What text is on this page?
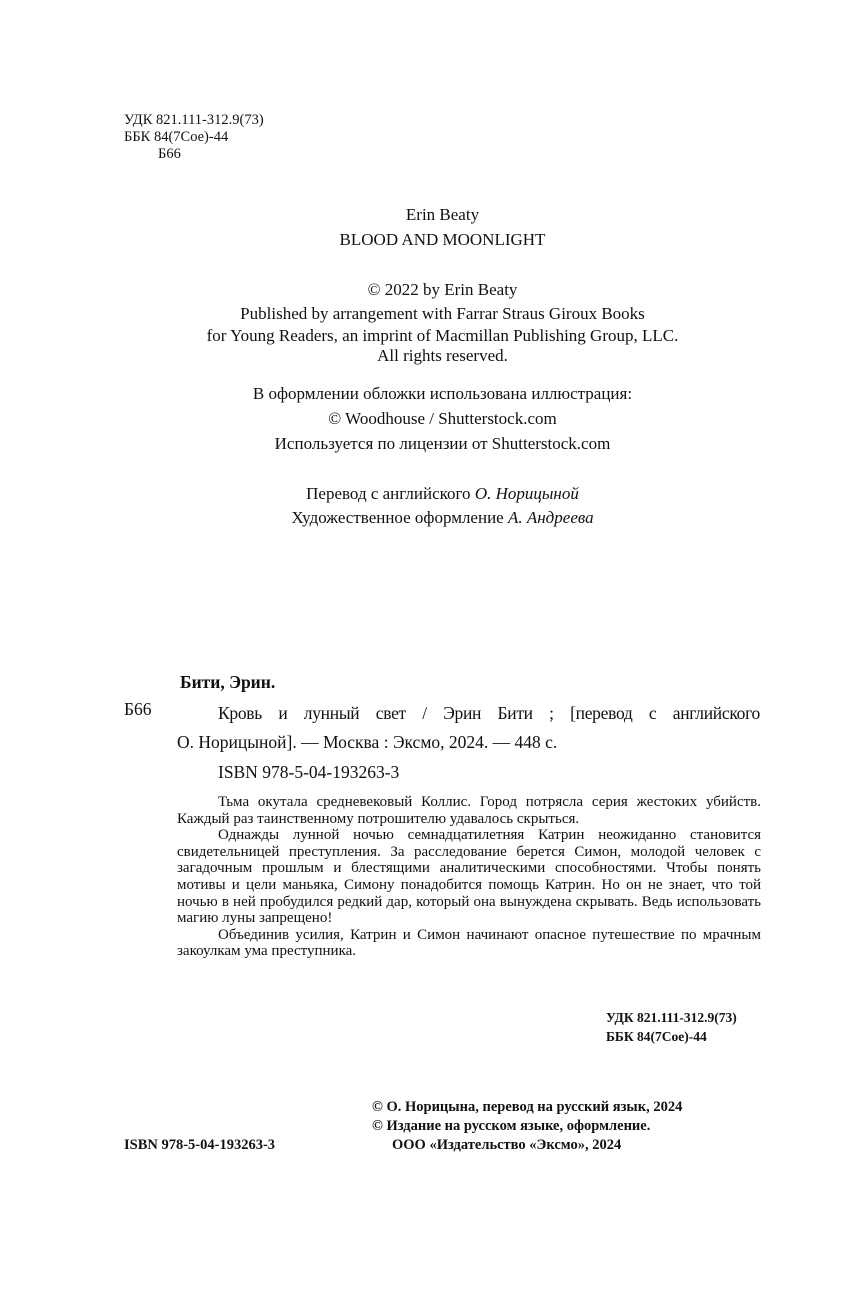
УДК 821.111-312.9(73)
ББК 84(7Сое)-44
Б66
Erin Beaty
BLOOD AND MOONLIGHT
© 2022 by Erin Beaty
Published by arrangement with Farrar Straus Giroux Books
for Young Readers, an imprint of Macmillan Publishing Group, LLC.
All rights reserved.
В оформлении обложки использована иллюстрация:
© Woodhouse / Shutterstock.com
Используется по лицензии от Shutterstock.com
Перевод с английского О. Норицыной
Художественное оформление А. Андреева
Бити, Эрин.
Б66	Кровь и лунный свет / Эрин Бити ; [перевод с английского
О. Норицыной]. — Москва : Эксмо, 2024. — 448 с.
ISBN 978-5-04-193263-3

Тьма окутала средневековый Коллис. Город потрясла серия жестоких убийств. Каждый раз таинственному потрошителю удавалось скрыться.

Однажды лунной ночью семнадцатилетняя Катрин неожиданно становится свидетельницей преступления. За расследование берется Симон, молодой человек с загадочным прошлым и блестящими аналитическими способностями. Чтобы понять мотивы и цели маньяка, Симону понадобится помощь Катрин. Но он не знает, что той ночью в ней пробудился редкий дар, который она вынуждена скрывать. Ведь использовать магию луны запрещено!

Объединив усилия, Катрин и Симон начинают опасное путешествие по мрачным закоулкам ума преступника.

УДК 821.111-312.9(73)
ББК 84(7Сое)-44
© О. Норицына, перевод на русский язык, 2024
© Издание на русском языке, оформление.
ООО «Издательство «Эксмо», 2024
ISBN 978-5-04-193263-3
